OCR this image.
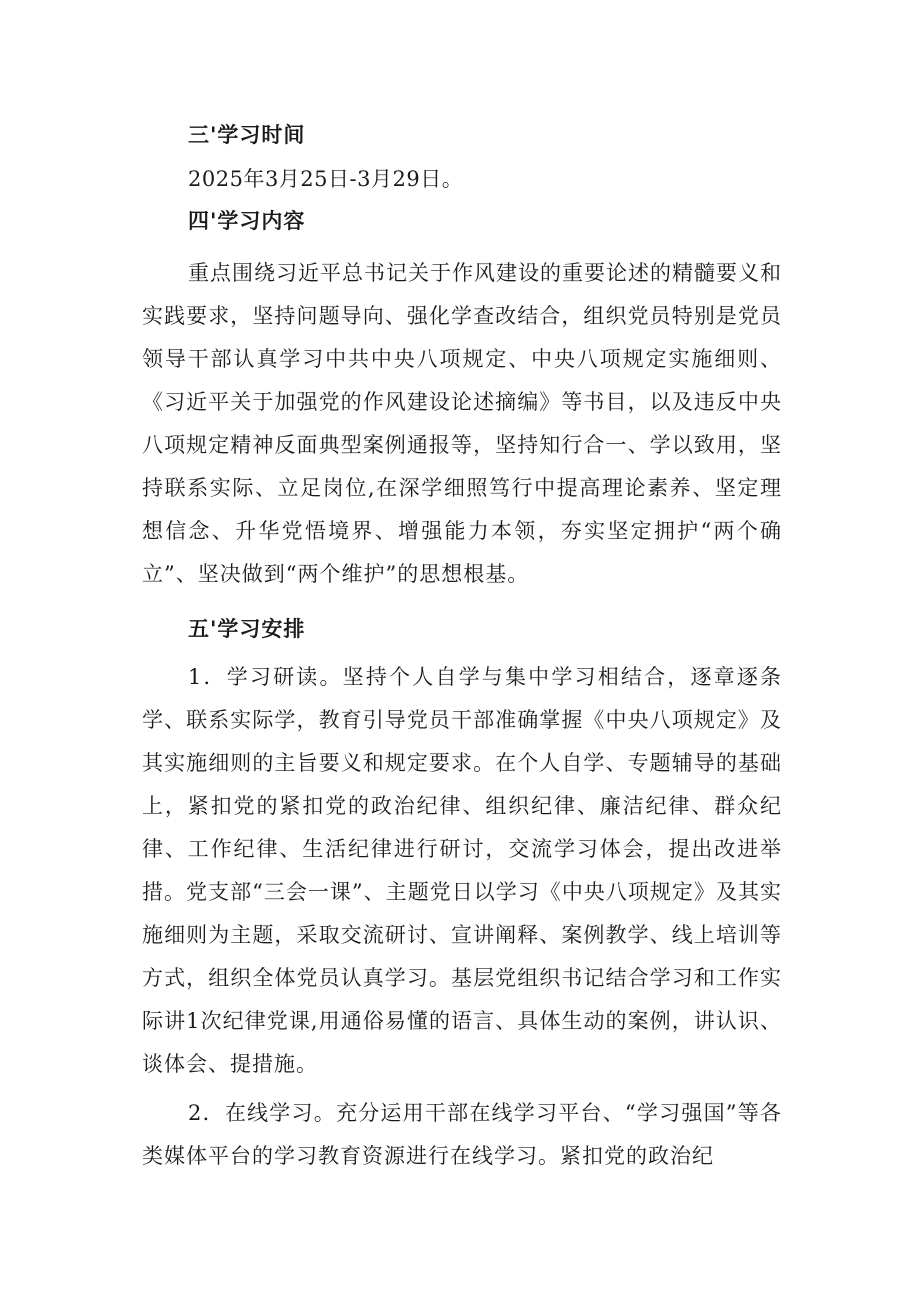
三'学习时间

2025年3月25日-3月29日。

四'学习内容

重点围绕习近平总书记关于作风建设的重要论述的精髓要义和实践要求，坚持问题导向、强化学查改结合，组织党员特别是党员领导干部认真学习中共中央八项规定、中央八项规定实施细则、《习近平关于加强党的作风建设论述摘编》等书目，以及违反中央八项规定精神反面典型案例通报等，坚持知行合一、学以致用，坚持联系实际、立足岗位,在深学细照笃行中提高理论素养、坚定理想信念、升华党悟境界、增强能力本领，夯实坚定拥护“两个确立”、坚决做到“两个维护”的思想根基。

五'学习安排

1．学习研读。坚持个人自学与集中学习相结合，逐章逐条学、联系实际学，教育引导党员干部准确掌握《中央八项规定》及其实施细则的主旨要义和规定要求。在个人自学、专题辅导的基础上，紧扣党的紧扣党的政治纪律、组织纪律、廉洁纪律、群众纪律、工作纪律、生活纪律进行研讨，交流学习体会，提出改进举措。党支部“三会一课”、主题党日以学习《中央八项规定》及其实施细则为主题，采取交流研讨、宣讲阐释、案例教学、线上培训等方式，组织全体党员认真学习。基层党组织书记结合学习和工作实际讲1次纪律党课,用通俗易懂的语言、具体生动的案例，讲认识、谈体会、提措施。

2．在线学习。充分运用干部在线学习平台、“学习强国”等各类媒体平台的学习教育资源进行在线学习。紧扣党的政治纪
